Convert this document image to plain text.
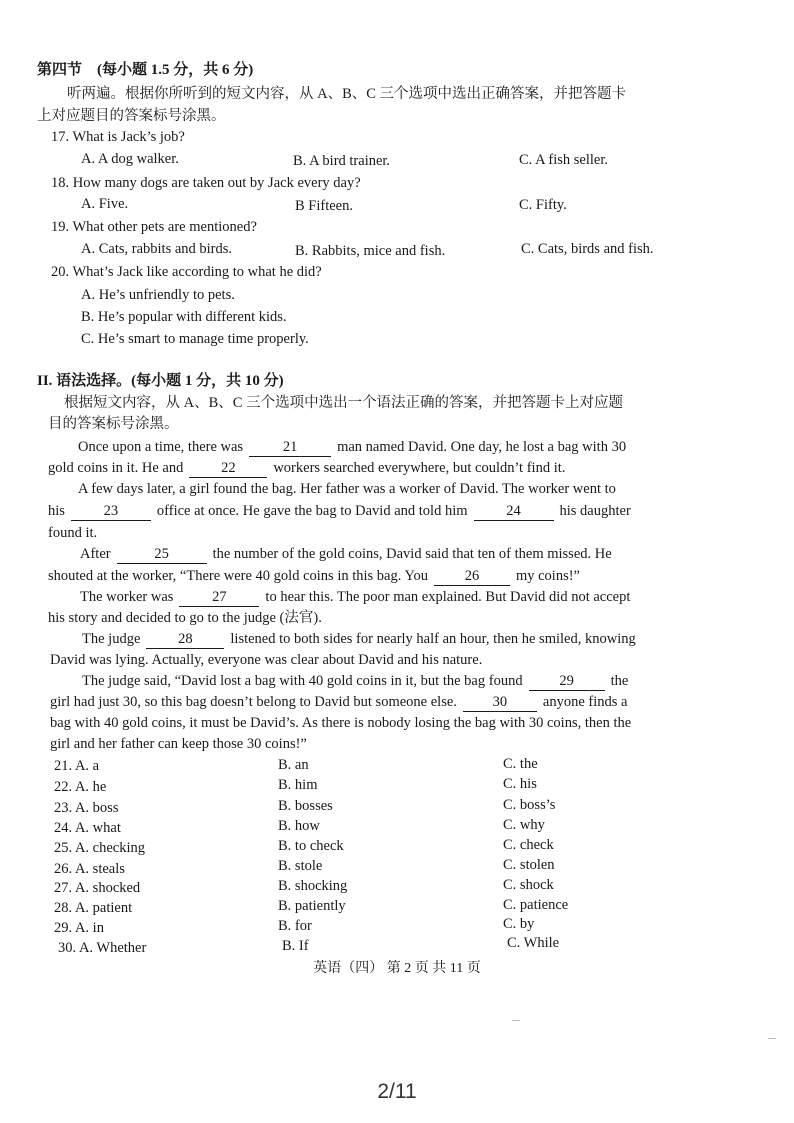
第四节　(每小题 1.5 分，共 6 分)
听两遍。根据你所听到的短文内容，从 A、B、C 三个选项中选出正确答案，并把答题卡
上对应题目的答案标号涂黑。
17. What is Jack’s job?
A. A dog walker.	B. A bird trainer.	C. A fish seller.
18. How many dogs are taken out by Jack every day?
A. Five.	B Fifteen.	C. Fifty.
19. What other pets are mentioned?
A. Cats, rabbits and birds.	B. Rabbits, mice and fish.	C. Cats, birds and fish.
20. What’s Jack like according to what he did?
A. He’s unfriendly to pets.
B. He’s popular with different kids.
C. He’s smart to manage time properly.
II. 语法选择。(每小题 1 分，共 10 分)
根据短文内容，从 A、B、C 三个选项中选出一个语法正确的答案，并把答题卡上对应题
目的答案标号涂黑。
Once upon a time, there was	21	man named David. One day, he lost a bag with 30
gold coins in it. He and	22	workers searched everywhere, but couldn’t find it.
A few days later, a girl found the bag. Her father was a worker of David. The worker went to
his	23	office at once. He gave the bag to David and told him	24	his daughter
found it.
After	25	the number of the gold coins, David said that ten of them missed. He
shouted at the worker, “There were 40 gold coins in this bag. You	26	my coins!”
The worker was	27	to hear this. The poor man explained. But David did not accept
his story and decided to go to the judge (法官).
The judge	28	listened to both sides for nearly half an hour, then he smiled, knowing
David was lying. Actually, everyone was clear about David and his nature.
The judge said, “David lost a bag with 40 gold coins in it, but the bag found	29	the
girl had just 30, so this bag doesn’t belong to David but someone else. 30 anyone finds a
bag with 40 gold coins, it must be David’s. As there is nobody losing the bag with 30 coins, then the
girl and her father can keep those 30 coins!”
21. A. a	B. an	C. the
22. A. he	B. him	C. his
23. A. boss	B. bosses	C. boss’s
24. A. what	B. how	C. why
25. A. checking	B. to check	C. check
26. A. steals	B. stole	C. stolen
27. A. shocked	B. shocking	C. shock
28. A. patient	B. patiently	C. patience
29. A. in	B. for	C. by
30. A. Whether	B. If	C. While
英语（四） 第 2 页 共 11 页
2/11
